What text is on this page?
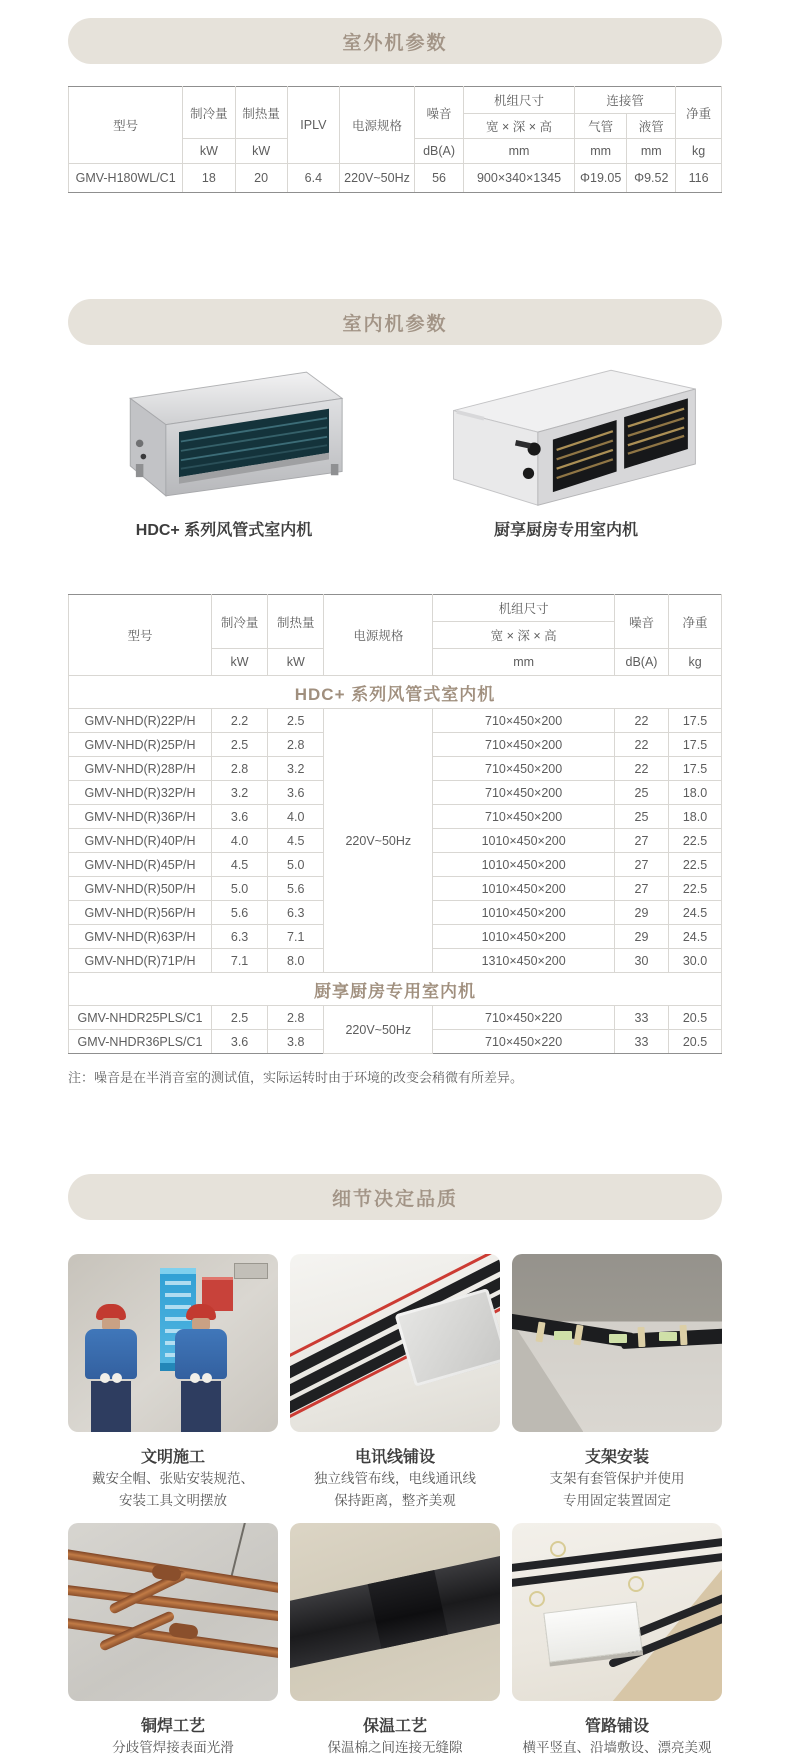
室外机参数
型号	制冷量	制热量	IPLV	电源规格	噪音	机组尺寸	连接管		净重
						宽 × 深 × 高	气管	液管	
	kW	kW			dB(A)	mm	mm	mm	kg
GMV-H180WL/C1	18	20	6.4	220V~50Hz	56	900×340×1345	Φ19.05	Φ9.52	116
室内机参数
HDC+ 系列风管式室内机	厨享厨房专用室内机
型号	制冷量	制热量	电源规格	机组尺寸	噪音	净重
				宽 × 深 × 高		
	kW	kW		mm	dB(A)	kg
HDC+ 系列风管式室内机						
GMV-NHD(R)22P/H	2.2	2.5	220V~50Hz	710×450×200	22	17.5
GMV-NHD(R)25P/H	2.5	2.8		710×450×200	22	17.5
GMV-NHD(R)28P/H	2.8	3.2		710×450×200	22	17.5
GMV-NHD(R)32P/H	3.2	3.6		710×450×200	25	18.0
GMV-NHD(R)36P/H	3.6	4.0		710×450×200	25	18.0
GMV-NHD(R)40P/H	4.0	4.5		1010×450×200	27	22.5
GMV-NHD(R)45P/H	4.5	5.0		1010×450×200	27	22.5
GMV-NHD(R)50P/H	5.0	5.6		1010×450×200	27	22.5
GMV-NHD(R)56P/H	5.6	6.3		1010×450×200	29	24.5
GMV-NHD(R)63P/H	6.3	7.1		1010×450×200	29	24.5
GMV-NHD(R)71P/H	7.1	8.0		1310×450×200	30	30.0
厨享厨房专用室内机						
GMV-NHDR25PLS/C1	2.5	2.8	220V~50Hz	710×450×220	33	20.5
GMV-NHDR36PLS/C1	3.6	3.8		710×450×220	33	20.5
注：噪音是在半消音室的测试值，实际运转时由于环境的改变会稍微有所差异。
细节决定品质
文明施工
戴安全帽、张贴安装规范、
安装工具文明摆放
电讯线铺设
独立线管布线，电线通讯线
保持距离，整齐美观
支架安装
支架有套管保护并使用
专用固定装置固定
铜焊工艺
分歧管焊接表面光滑
保温工艺
保温棉之间连接无缝隙
管路铺设
横平竖直、沿墙敷设、漂亮美观
